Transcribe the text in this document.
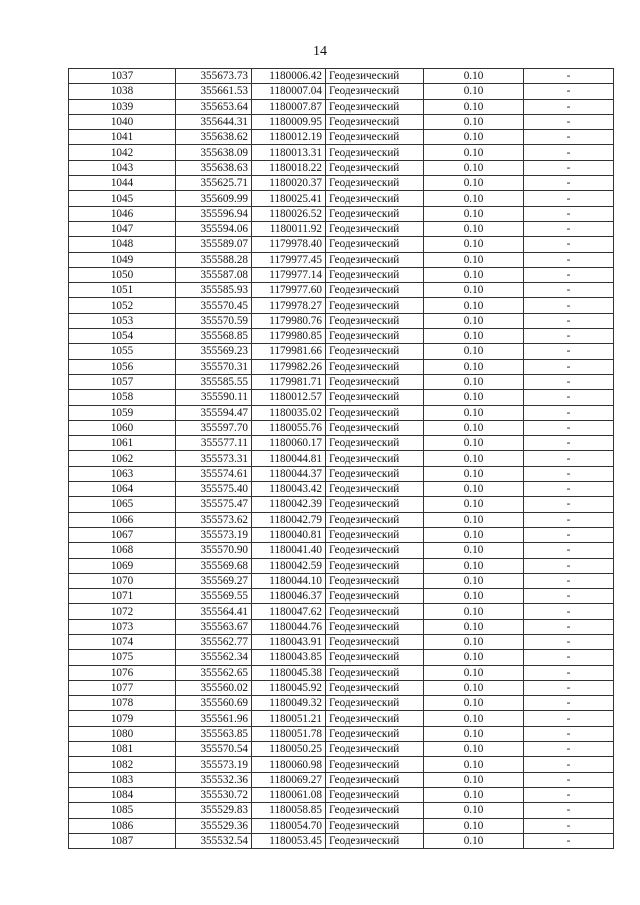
14
1037	355673.73	1180006.42	Геодезический	0.10	-
1038	355661.53	1180007.04	Геодезический	0.10	-
1039	355653.64	1180007.87	Геодезический	0.10	-
1040	355644.31	1180009.95	Геодезический	0.10	-
1041	355638.62	1180012.19	Геодезический	0.10	-
1042	355638.09	1180013.31	Геодезический	0.10	-
1043	355638.63	1180018.22	Геодезический	0.10	-
1044	355625.71	1180020.37	Геодезический	0.10	-
1045	355609.99	1180025.41	Геодезический	0.10	-
1046	355596.94	1180026.52	Геодезический	0.10	-
1047	355594.06	1180011.92	Геодезический	0.10	-
1048	355589.07	1179978.40	Геодезический	0.10	-
1049	355588.28	1179977.45	Геодезический	0.10	-
1050	355587.08	1179977.14	Геодезический	0.10	-
1051	355585.93	1179977.60	Геодезический	0.10	-
1052	355570.45	1179978.27	Геодезический	0.10	-
1053	355570.59	1179980.76	Геодезический	0.10	-
1054	355568.85	1179980.85	Геодезический	0.10	-
1055	355569.23	1179981.66	Геодезический	0.10	-
1056	355570.31	1179982.26	Геодезический	0.10	-
1057	355585.55	1179981.71	Геодезический	0.10	-
1058	355590.11	1180012.57	Геодезический	0.10	-
1059	355594.47	1180035.02	Геодезический	0.10	-
1060	355597.70	1180055.76	Геодезический	0.10	-
1061	355577.11	1180060.17	Геодезический	0.10	-
1062	355573.31	1180044.81	Геодезический	0.10	-
1063	355574.61	1180044.37	Геодезический	0.10	-
1064	355575.40	1180043.42	Геодезический	0.10	-
1065	355575.47	1180042.39	Геодезический	0.10	-
1066	355573.62	1180042.79	Геодезический	0.10	-
1067	355573.19	1180040.81	Геодезический	0.10	-
1068	355570.90	1180041.40	Геодезический	0.10	-
1069	355569.68	1180042.59	Геодезический	0.10	-
1070	355569.27	1180044.10	Геодезический	0.10	-
1071	355569.55	1180046.37	Геодезический	0.10	-
1072	355564.41	1180047.62	Геодезический	0.10	-
1073	355563.67	1180044.76	Геодезический	0.10	-
1074	355562.77	1180043.91	Геодезический	0.10	-
1075	355562.34	1180043.85	Геодезический	0.10	-
1076	355562.65	1180045.38	Геодезический	0.10	-
1077	355560.02	1180045.92	Геодезический	0.10	-
1078	355560.69	1180049.32	Геодезический	0.10	-
1079	355561.96	1180051.21	Геодезический	0.10	-
1080	355563.85	1180051.78	Геодезический	0.10	-
1081	355570.54	1180050.25	Геодезический	0.10	-
1082	355573.19	1180060.98	Геодезический	0.10	-
1083	355532.36	1180069.27	Геодезический	0.10	-
1084	355530.72	1180061.08	Геодезический	0.10	-
1085	355529.83	1180058.85	Геодезический	0.10	-
1086	355529.36	1180054.70	Геодезический	0.10	-
1087	355532.54	1180053.45	Геодезический	0.10	-
